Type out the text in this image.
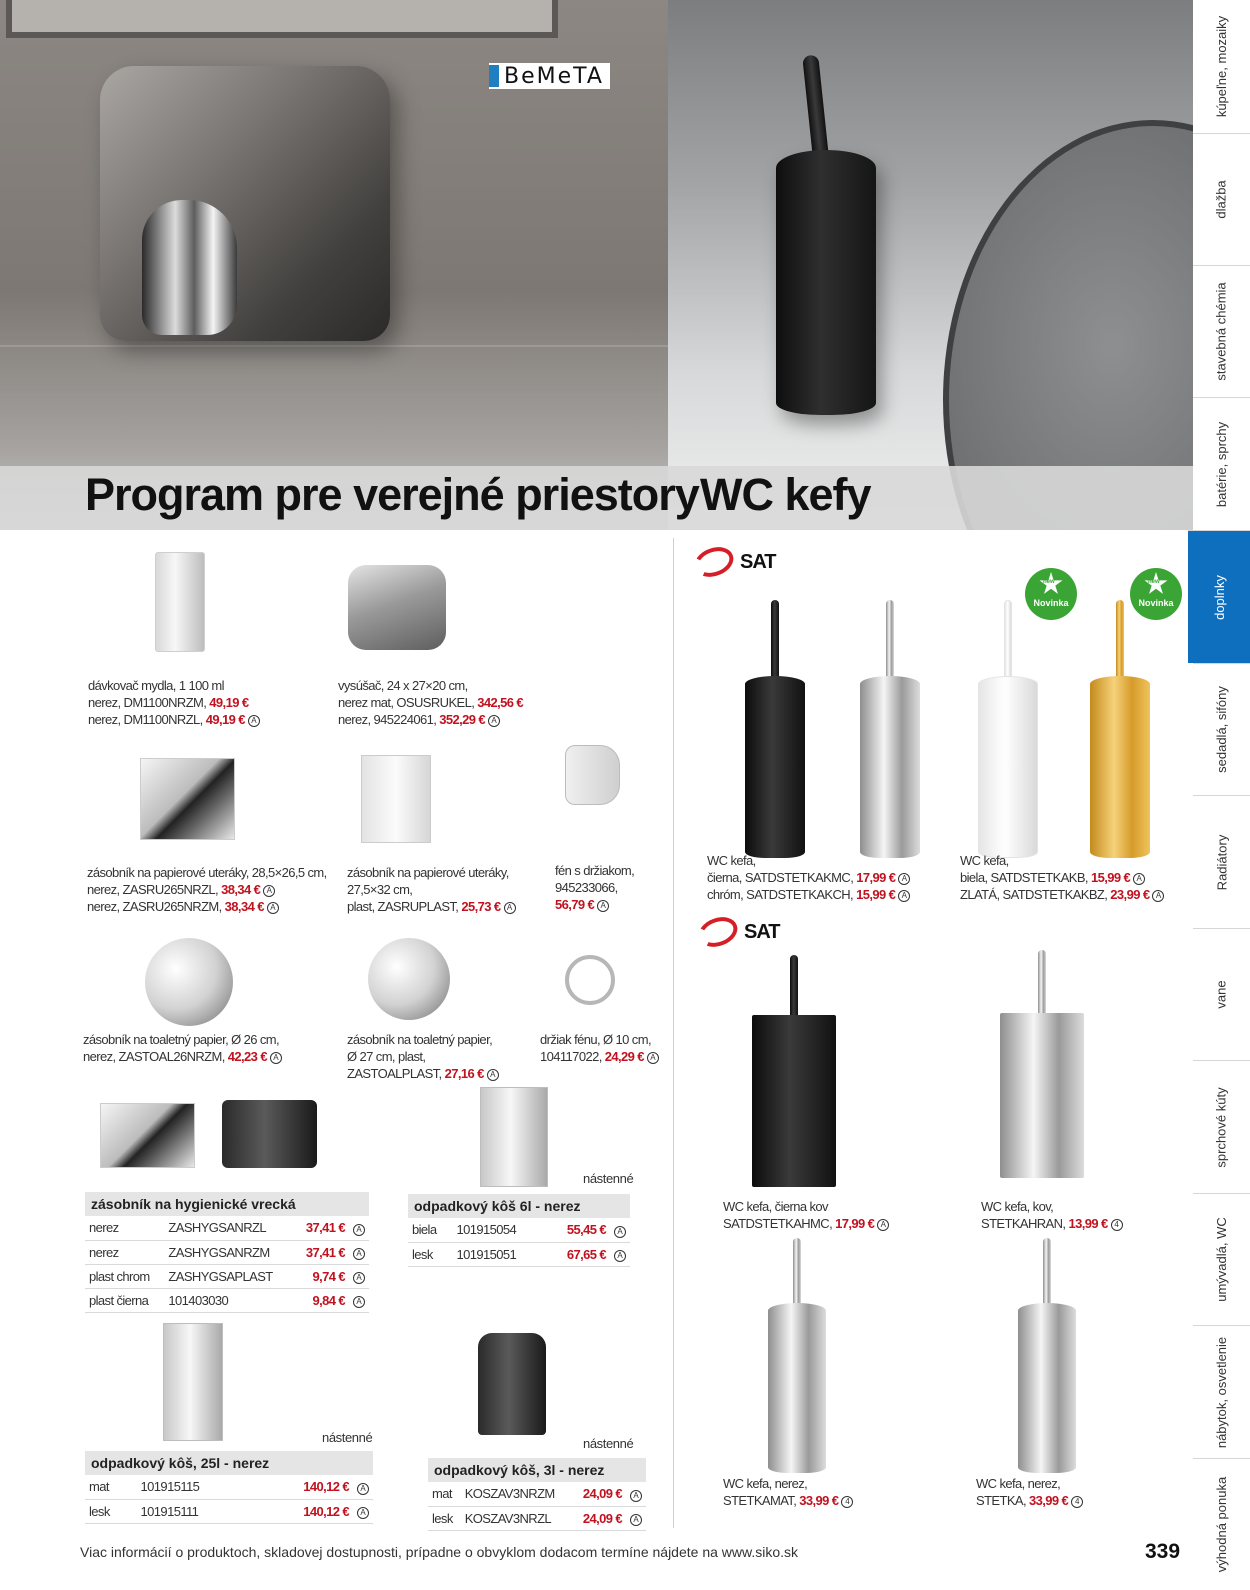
BeMeTA
Program pre verejné priestory WC kefy
kúpeľne, mozaiky
dlažba
stavebná chémia
batérie, sprchy
doplnky
sedadlá, sifóny
Radiátory
vane
sprchové kúty
umývadlá, WC
nábytok, osvetlenie
výhodná ponuka
dávkovač mydla, 1 100 ml
nerez, DM1100NRZM, 49,19 €
nerez, DM1100NRZL, 49,19 € A
vysúšač, 24 x 27×20 cm,
nerez mat, OSUSRUKEL, 342,56 €
nerez, 945224061, 352,29 € A
zásobník na papierové uteráky, 28,5×26,5 cm,
nerez, ZASRU265NRZL, 38,34 € A
nerez, ZASRU265NRZM, 38,34 € A
zásobník na papierové uteráky,
27,5×32 cm,
plast, ZASRUPLAST, 25,73 € A
fén s držiakom,
945233066,
56,79 € A
zásobník na toaletný papier, Ø 26 cm,
nerez, ZASTOAL26NRZM, 42,23 € A
zásobník na toaletný papier,
Ø 27 cm, plast,
ZASTOALPLAST, 27,16 € A
držiak fénu, Ø 10 cm,
104117022, 24,29 € A
zásobník na hygienické vrecká			
nerez	ZASHYGSANRZL	37,41 €	A
nerez	ZASHYGSANRZM	37,41 €	A
plast chrom	ZASHYGSAPLAST	9,74 €	A
plast čierna	101403030	9,84 €	A
nástenné
odpadkový kôš 6l - nerez			
biela	101915054	55,45 €	A
lesk	101915051	67,65 €	A
nástenné
odpadkový kôš, 25l - nerez			
mat	101915115	140,12 €	A
lesk	101915111	140,12 €	A
nástenné
odpadkový kôš, 3l - nerez			
mat	KOSZAV3NRZM	24,09 €	A
lesk	KOSZAV3NRZL	24,09 €	A
SAT
new
Novinka
new
Novinka
WC kefa,
čierna, SATDSTETKAKMC, 17,99 € A
chróm, SATDSTETKAKCH, 15,99 € A
WC kefa,
biela, SATDSTETKAKB, 15,99 € A
ZLATÁ, SATDSTETKAKBZ, 23,99 € A
SAT
WC kefa, čierna kov
SATDSTETKAHMC, 17,99 € A
WC kefa, kov,
STETKAHRAN, 13,99 € 4
WC kefa, nerez,
STETKAMAT, 33,99 € 4
WC kefa, nerez,
STETKA, 33,99 € 4
Viac informácií o produktoch, skladovej dostupnosti, prípadne o obvyklom dodacom termíne nájdete na www.siko.sk	339
